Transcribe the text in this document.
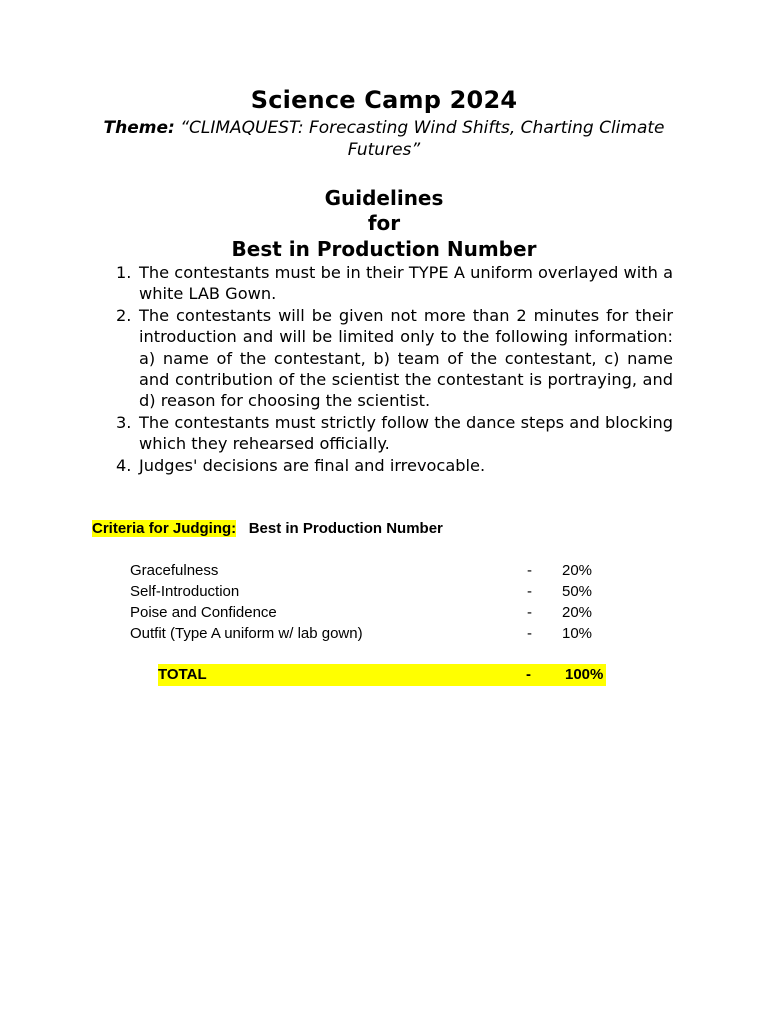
Science Camp 2024
Theme: “CLIMAQUEST: Forecasting Wind Shifts, Charting Climate Futures”
Guidelines
for
Best in Production Number
1. The contestants must be in their TYPE A uniform overlayed with a white LAB Gown.
2. The contestants will be given not more than 2 minutes for their introduction and will be limited only to the following information: a) name of the contestant, b) team of the contestant, c) name and contribution of the scientist the contestant is portraying, and d) reason for choosing the scientist.
3. The contestants must strictly follow the dance steps and blocking which they rehearsed officially.
4. Judges' decisions are final and irrevocable.
Criteria for Judging: Best in Production Number
Gracefulness	- 20%
Self-Introduction	- 50%
Poise and Confidence	- 20%
Outfit (Type A uniform w/ lab gown)	- 10%
TOTAL	- 100%
